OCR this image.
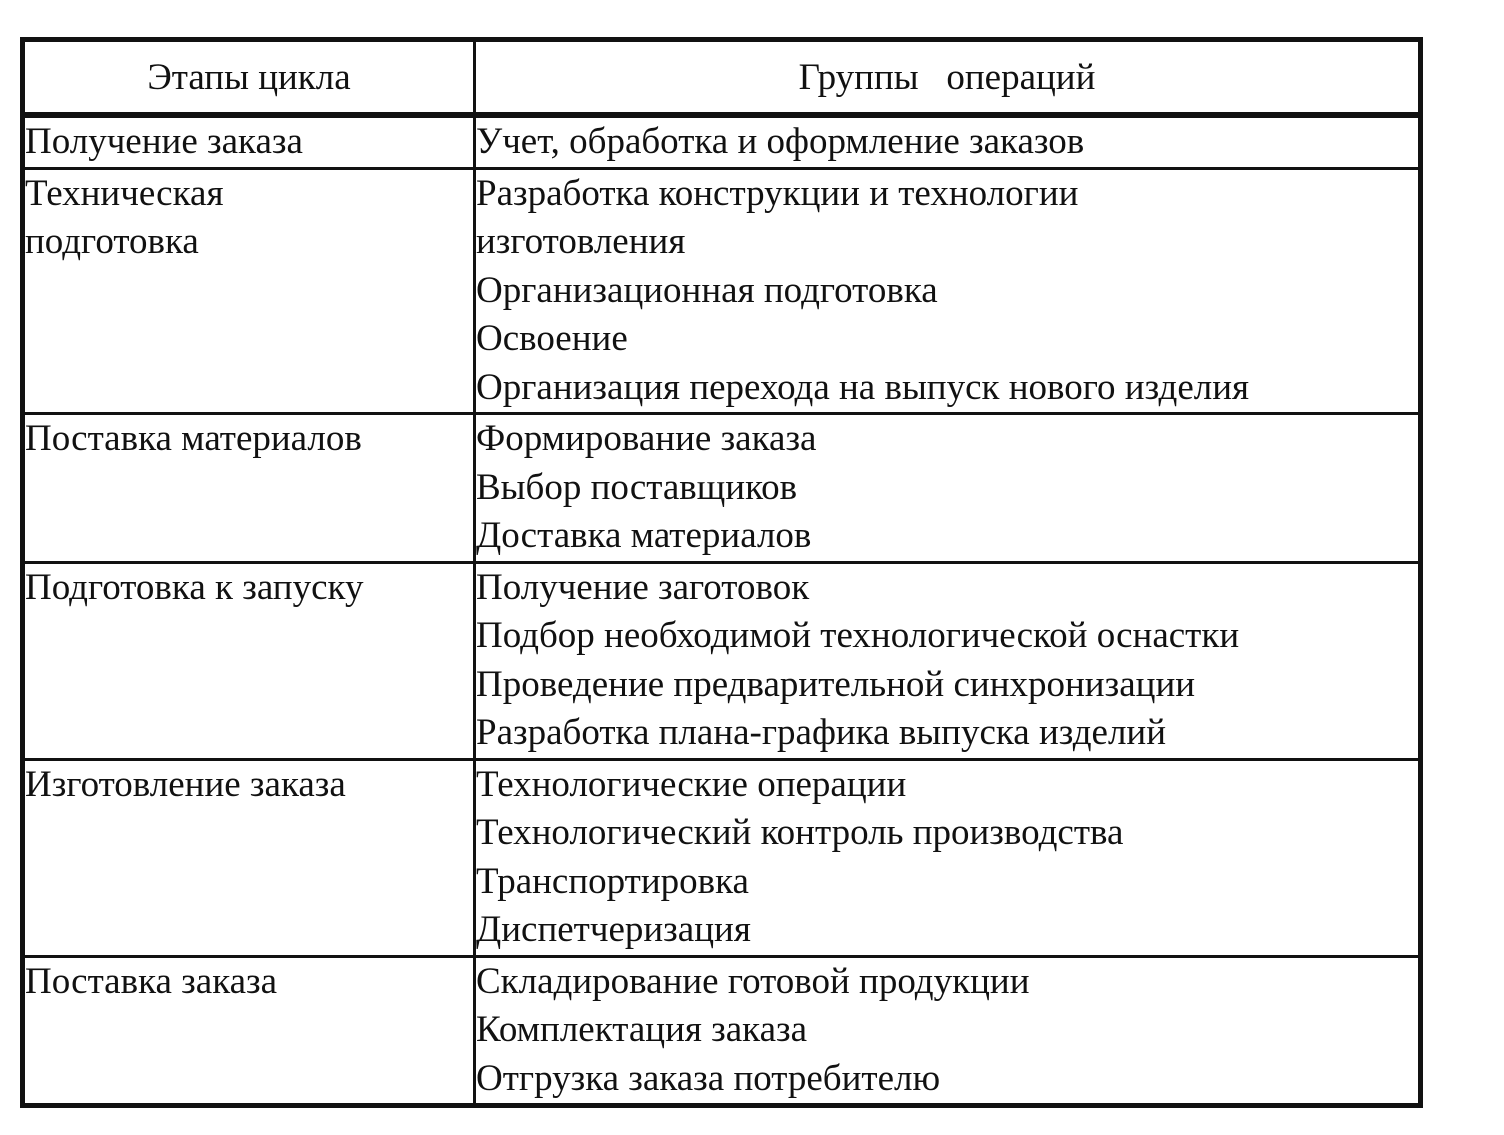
Этапы цикла	Группы   операций

Получение заказа	Учет, обработка и оформление заказов

Техническая подготовка	Разработка конструкции и технологии
изготовления
Организационная подготовка
Освоение
Организация перехода на выпуск нового изделия

Поставка материалов	Формирование заказа
Выбор поставщиков
Доставка материалов

Подготовка к запуску	Получение заготовок
Подбор необходимой технологической оснастки
Проведение предварительной синхронизации
Разработка плана-графика выпуска изделий

Изготовление заказа	Технологические операции
Технологический контроль производства
Транспортировка
Диспетчеризация

Поставка заказа	Складирование готовой продукции
Комплектация заказа
Отгрузка заказа потребителю
